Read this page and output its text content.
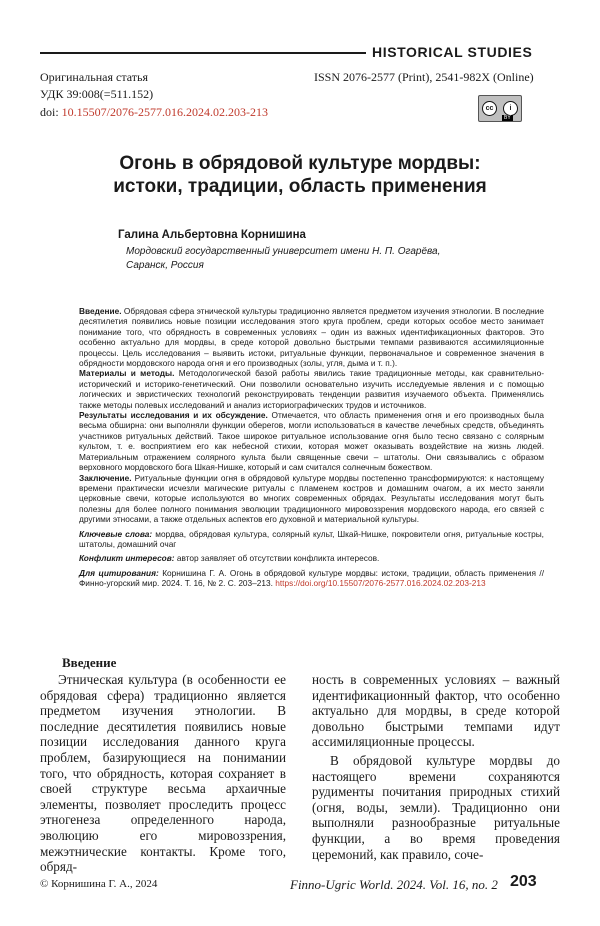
HISTORICAL STUDIES
Оригинальная статья
УДК 39:008(=511.152)
doi: 10.15507/2076-2577.016.2024.02.203-213
ISSN 2076-2577 (Print), 2541-982X (Online)
cc	i
BY
Огонь в обрядовой культуре мордвы:
истоки, традиции, область применения
Галина Альбертовна Корнишина
Мордовский государственный университет имени Н. П. Огарёва,
Саранск, Россия

Введение. Обрядовая сфера этнической культуры традиционно является предметом изучения этнологии. В последние десятилетия появились новые позиции исследования этого круга проблем, среди которых особое место занимает понимание того, что обрядность в современных условиях – один из важных идентификационных факторов. Это особенно актуально для мордвы, в среде которой довольно быстрыми темпами развиваются ассимиляционные процессы. Цель исследования – выявить истоки, ритуальные функции, первоначальное и современное значения в обрядности мордовского народа огня и его производных (золы, угля, дыма и т. п.).

Материалы и методы. Методологической базой работы явились такие традиционные методы, как сравнительно-исторический и историко-генетический. Они позволили основательно изучить исследуемые явления и с помощью логических и эвристических технологий реконструировать тенденции развития изучаемого объекта. Применялись также методы полевых исследований и анализ историографических трудов и источников.

Результаты исследования и их обсуждение. Отмечается, что область применения огня и его производных была весьма обширна: они выполняли функции оберегов, могли использоваться в качестве лечебных средств, объединять участников ритуальных действий. Такое широкое ритуальное использование огня было тесно связано с солярным культом, т. е. восприятием его как небесной стихии, которая может оказывать воздействие на жизнь людей. Материальным отражением солярного культа были священные свечи – штатолы. Они связывались с образом верховного мордовского бога Шкая-Нишке, который и сам считался солнечным божеством.

Заключение. Ритуальные функции огня в обрядовой культуре мордвы постепенно трансформируются: к настоящему времени практически исчезли магические ритуалы с пламенем костров и домашним очагом, а их место заняли церковные свечи, которые используются во многих современных обрядах. Результаты исследования могут быть полезны для более полного понимания эволюции традиционного мировоззрения мордовского народа, его связей с другими этносами, а также отдельных аспектов его духовной и материальной культуры.

Ключевые слова: мордва, обрядовая культура, солярный культ, Шкай-Нишке, покровители огня, ритуальные костры, штатолы, домашний очаг

Конфликт интересов: автор заявляет об отсутствии конфликта интересов.

Для цитирования: Корнишина Г. А. Огонь в обрядовой культуре мордвы: истоки, традиции, область применения // Финно-угорский мир. 2024. Т. 16, № 2. С. 203–213. https://doi.org/10.15507/2076-2577.016.2024.02.203-213

Введение

Этническая культура (в особенности ее обрядовая сфера) традиционно является предметом изучения этнологии. В последние десятилетия появились новые позиции исследования данного круга проблем, базирующиеся на понимании того, что обрядность, которая сохраняет в своей структуре весьма архаичные элементы, позволяет проследить процесс этногенеза определенного народа, эволюцию его мировоззрения, межэтнические контакты. Кроме того, обряд-

ность в современных условиях – важный идентификационный фактор, что особенно актуально для мордвы, в среде которой довольно быстрыми темпами идут ассимиляционные процессы.

В обрядовой культуре мордвы до настоящего времени сохраняются рудименты почитания природных стихий (огня, воды, земли). Традиционно они выполняли разнообразные ритуальные функции, а во время проведения церемоний, как правило, соче-

© Корнишина Г. А., 2024	Finno-Ugric World. 2024. Vol. 16, no. 2 203
